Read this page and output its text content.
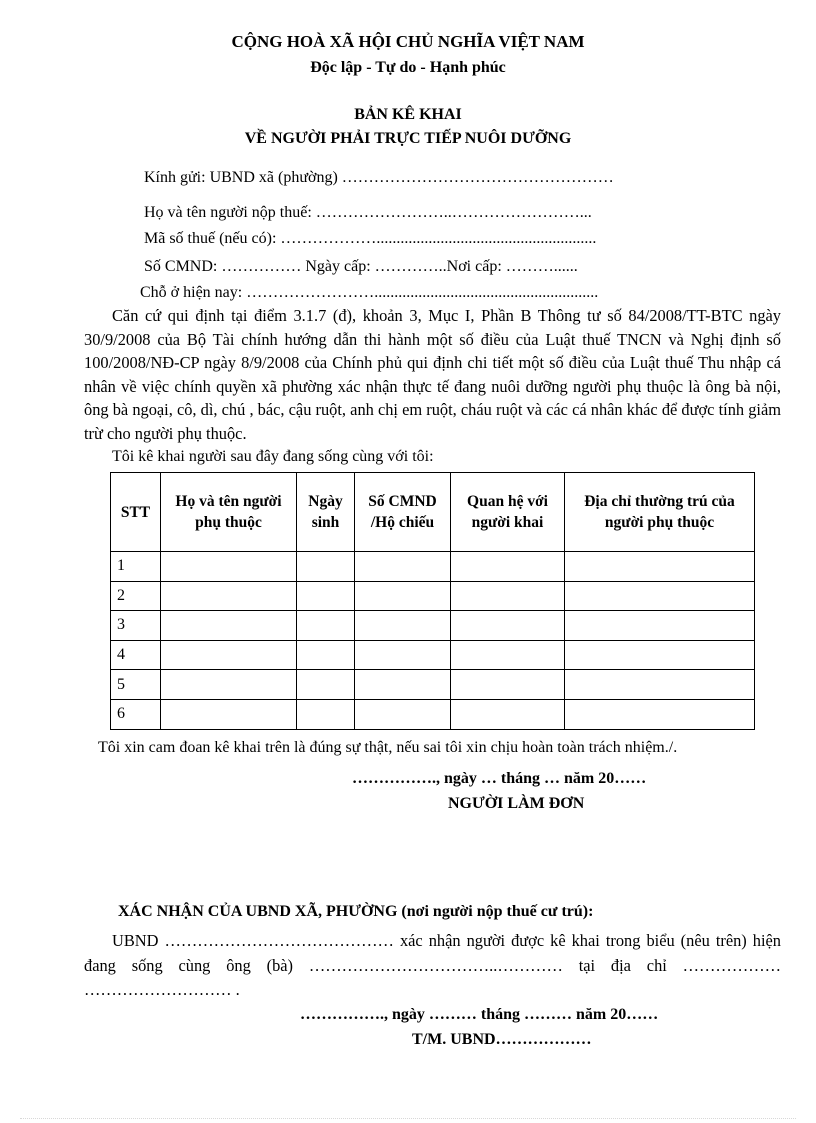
CỘNG HOÀ XÃ HỘI CHỦ NGHĨA VIỆT NAM
Độc lập - Tự do - Hạnh phúc
BẢN KÊ KHAI
VỀ NGƯỜI PHẢI TRỰC TIẾP NUÔI DƯỠNG
Kính gửi: UBND xã (phường) ……………………………………………
Họ và tên người nộp thuế: ……………………..……………………...
Mã số thuế (nếu có): ……………….......................................................
Số CMND: …………… Ngày cấp: …………..Nơi cấp: ………......
Chỗ ở hiện nay: ……………………........................................................
Căn cứ qui định tại điểm 3.1.7 (đ), khoản 3, Mục I, Phần B Thông tư số 84/2008/TT-BTC ngày 30/9/2008 của Bộ Tài chính hướng dẫn thi hành một số điều của Luật thuế TNCN và Nghị định số 100/2008/NĐ-CP ngày 8/9/2008 của Chính phủ qui định chi tiết một số điều của Luật thuế Thu nhập cá nhân về việc chính quyền xã phường xác nhận thực tế đang nuôi dưỡng người phụ thuộc là ông bà nội, ông bà ngoại, cô, dì, chú , bác, cậu ruột, anh chị em ruột, cháu ruột và các cá nhân khác để được tính giảm trừ cho người phụ thuộc.
Tôi kê khai người sau đây đang sống cùng với tôi:
STT	Họ và tên người phụ thuộc	Ngày sinh	Số CMND /Hộ chiếu	Quan hệ với người khai	Địa chỉ thường trú của người phụ thuộc

1					
2					
3					
4					
5					
6					
Tôi xin cam đoan kê khai trên là đúng sự thật, nếu sai tôi xin chịu hoàn toàn trách nhiệm./.
……………., ngày … tháng … năm 20……
NGƯỜI LÀM ĐƠN
XÁC NHẬN CỦA UBND XÃ, PHƯỜNG (nơi người nộp thuế cư trú):
UBND …………………………………… xác nhận người được kê khai trong biểu (nêu trên) hiện đang sống cùng ông (bà) ……………………………..………… tại địa chỉ ……………… ……………………… .
……………., ngày ……… tháng ……… năm 20……
T/M. UBND………………
